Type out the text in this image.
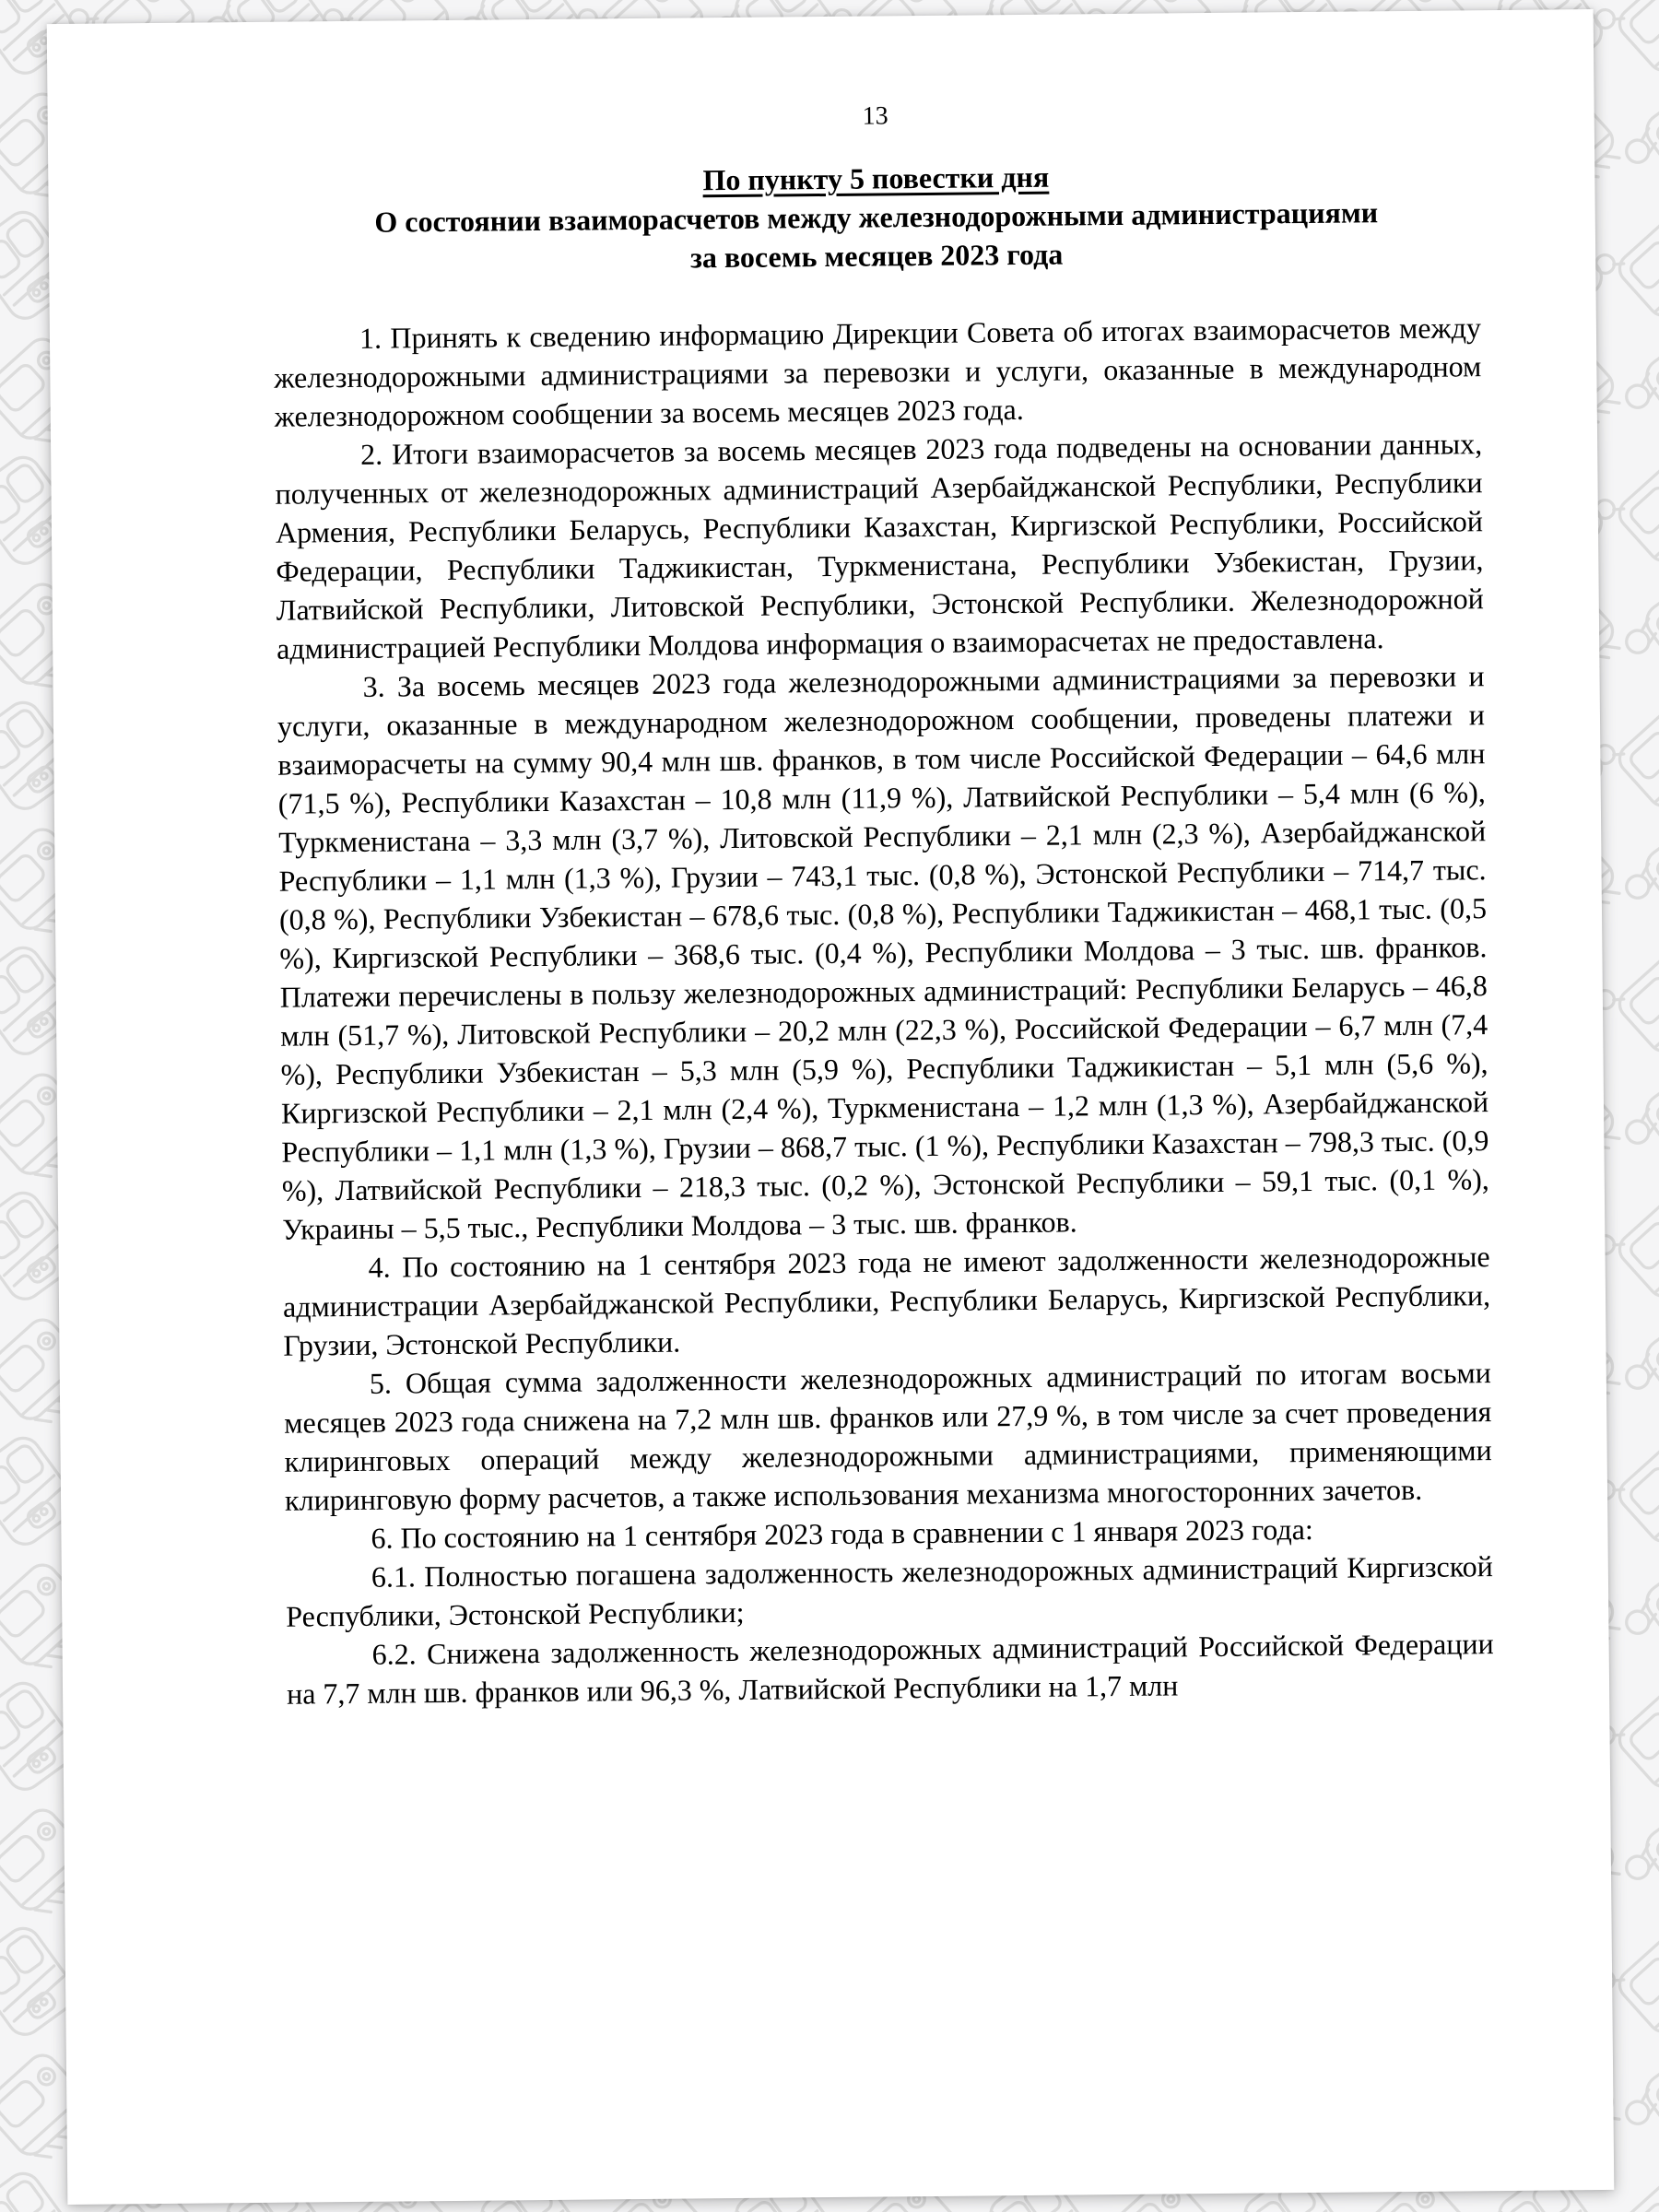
13
По пункту 5 повестки дня
О состоянии взаиморасчетов между железнодорожными администрациями
за восемь месяцев 2023 года

1. Принять к сведению информацию Дирекции Совета об итогах взаиморасчетов между железнодорожными администрациями за перевозки и услуги, оказанные в международном железнодорожном сообщении за восемь месяцев 2023 года.

2. Итоги взаиморасчетов за восемь месяцев 2023 года подведены на основании данных, полученных от железнодорожных администраций Азербайджанской Республики, Республики Армения, Республики Беларусь, Республики Казахстан, Киргизской Республики, Российской Федерации, Республики Таджикистан, Туркменистана, Республики Узбекистан, Грузии, Латвийской Республики, Литовской Республики, Эстонской Республики. Железнодорожной администрацией Республики Молдова информация о взаиморасчетах не предоставлена.

3. За восемь месяцев 2023 года железнодорожными администрациями за перевозки и услуги, оказанные в международном железнодорожном сообщении, проведены платежи и взаиморасчеты на сумму 90,4 млн шв. франков, в том числе Российской Федерации – 64,6 млн (71,5 %), Республики Казахстан – 10,8 млн (11,9 %), Латвийской Республики – 5,4 млн (6 %), Туркменистана – 3,3 млн (3,7 %), Литовской Республики – 2,1 млн (2,3 %), Азербайджанской Республики – 1,1 млн (1,3 %), Грузии – 743,1 тыс. (0,8 %), Эстонской Республики – 714,7 тыс. (0,8 %), Республики Узбекистан – 678,6 тыс. (0,8 %), Республики Таджикистан – 468,1 тыс. (0,5 %), Киргизской Республики – 368,6 тыс. (0,4 %), Республики Молдова – 3 тыс. шв. франков. Платежи перечислены в пользу железнодорожных администраций: Республики Беларусь – 46,8 млн (51,7 %), Литовской Республики – 20,2 млн (22,3 %), Российской Федерации – 6,7 млн (7,4 %), Республики Узбекистан – 5,3 млн (5,9 %), Республики Таджикистан – 5,1 млн (5,6 %), Киргизской Республики – 2,1 млн (2,4 %), Туркменистана – 1,2 млн (1,3 %), Азербайджанской Республики – 1,1 млн (1,3 %), Грузии – 868,7 тыс. (1 %), Республики Казахстан – 798,3 тыс. (0,9 %), Латвийской Республики – 218,3 тыс. (0,2 %), Эстонской Республики – 59,1 тыс. (0,1 %), Украины – 5,5 тыс., Республики Молдова – 3 тыс. шв. франков.

4. По состоянию на 1 сентября 2023 года не имеют задолженности железнодорожные администрации Азербайджанской Республики, Республики Беларусь, Киргизской Республики, Грузии, Эстонской Республики.

5. Общая сумма задолженности железнодорожных администраций по итогам восьми месяцев 2023 года снижена на 7,2 млн шв. франков или 27,9 %, в том числе за счет проведения клиринговых операций между железнодорожными администрациями, применяющими клиринговую форму расчетов, а также использования механизма многосторонних зачетов.

6. По состоянию на 1 сентября 2023 года в сравнении с 1 января 2023 года:

6.1. Полностью погашена задолженность железнодорожных администраций Киргизской Республики, Эстонской Республики;

6.2. Снижена задолженность железнодорожных администраций Российской Федерации на 7,7 млн шв. франков или 96,3 %, Латвийской Республики на 1,7 млн
